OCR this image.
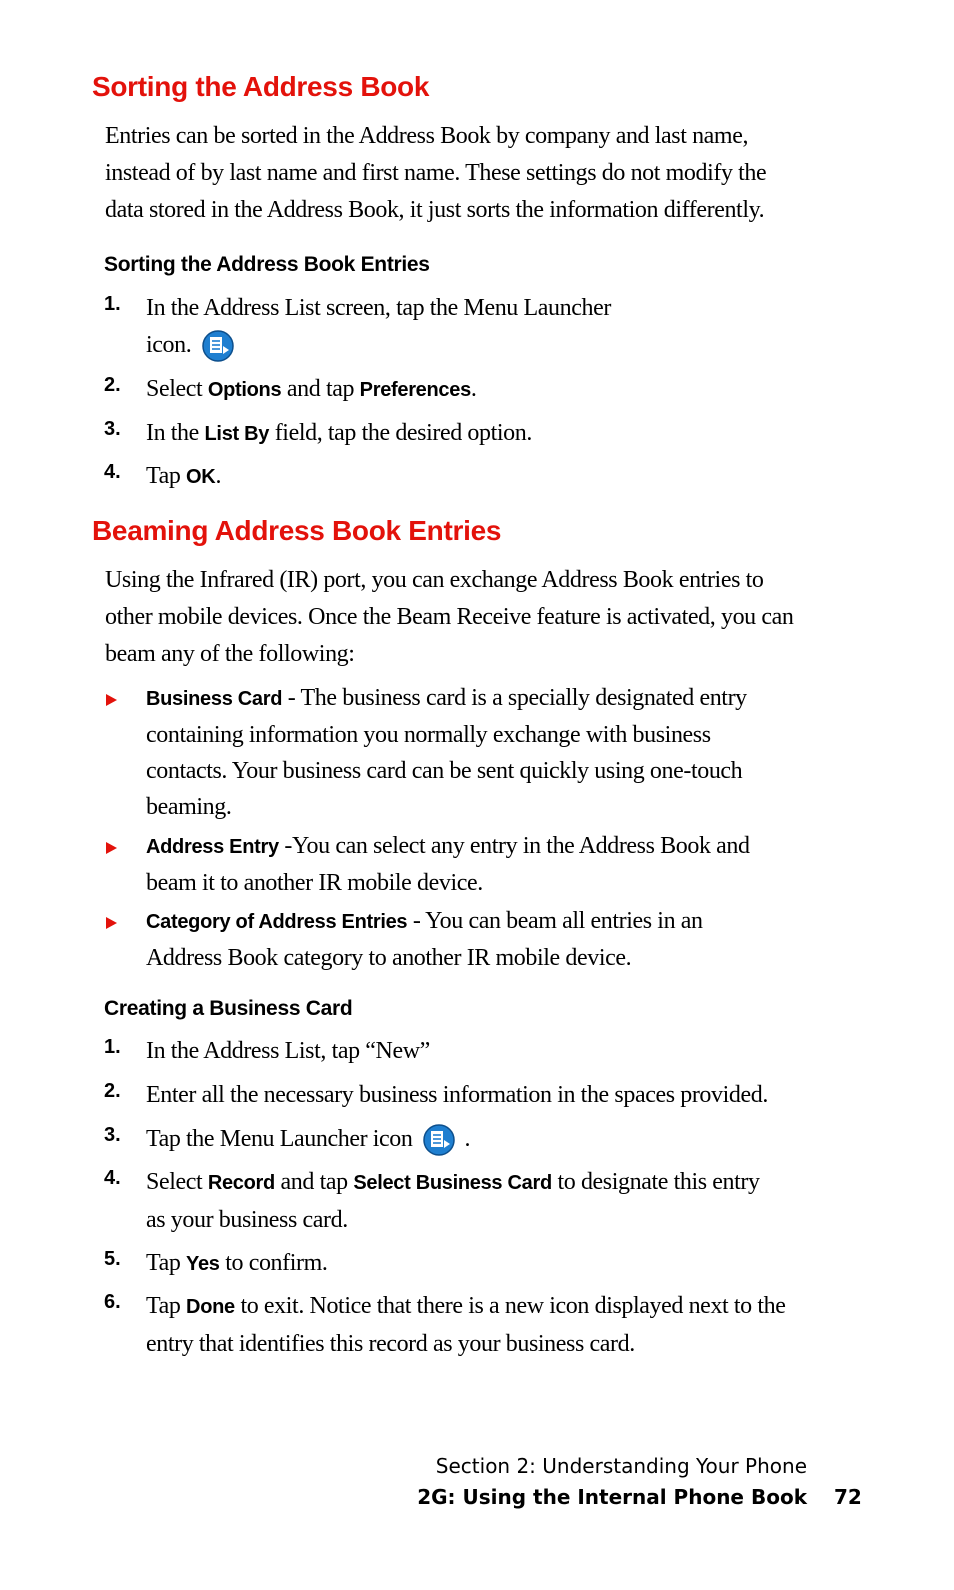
Sorting the Address Book

Entries can be sorted in the Address Book by company and last name,
instead of by last name and first name. These settings do not modify the
data stored in the Address Book, it just sorts the information differently.

Sorting the Address Book Entries
1. In the Address List screen, tap the Menu Launcher
icon.
2. Select Options and tap Preferences.
3. In the List By field, tap the desired option.
4. Tap OK.
Beaming Address Book Entries

Using the Infrared (IR) port, you can exchange Address Book entries to
other mobile devices. Once the Beam Receive feature is activated, you can
beam any of the following:

Business Card - The business card is a specially designated entry
containing information you normally exchange with business
contacts. Your business card can be sent quickly using one-touch
beaming.
Address Entry -You can select any entry in the Address Book and
beam it to another IR mobile device.
Category of Address Entries - You can beam all entries in an
Address Book category to another IR mobile device.
Creating a Business Card
1. In the Address List, tap “New”
2. Enter all the necessary business information in the spaces provided.
3. Tap the Menu Launcher icon .
4. Select Record and tap Select Business Card to designate this entry
as your business card.
5. Tap Yes to confirm.
6. Tap Done to exit. Notice that there is a new icon displayed next to the
entry that identifies this record as your business card.
Section 2: Understanding Your Phone
2G: Using the Internal Phone Book 72
